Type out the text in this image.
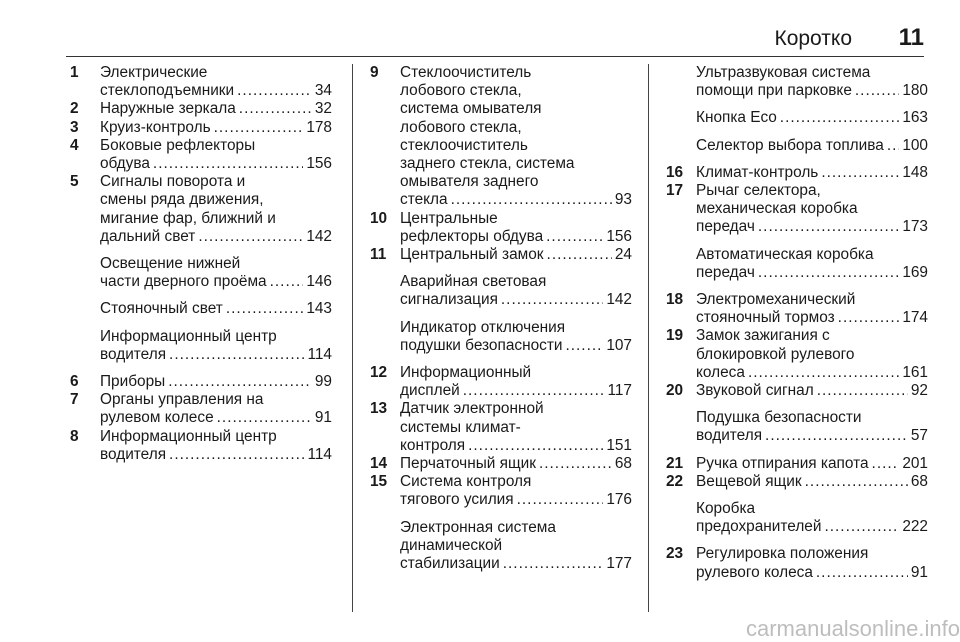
Коротко 11
1 Электрические
стеклоподъемники .....	34
2 Наружные зеркала .....	32
3 Круиз-контроль .....	178
4 Боковые рефлекторы
обдува .....	156
5 Сигналы поворота и
смены ряда движения,
мигание фар, ближний и
дальний свет .....	142
Освещение нижней
части дверного проёма .....	146
Стояночный свет .....	143
Информационный центр
водителя .....	114
6 Приборы .....	99
7 Органы управления на
рулевом колесе .....	91
8 Информационный центр
водителя .....	114
9 Стеклоочиститель
лобового стекла,
система омывателя
лобового стекла,
стеклоочиститель
заднего стекла, система
омывателя заднего
стекла .....	93
10 Центральные
рефлекторы обдува .....	156
11 Центральный замок .....	24
Аварийная световая
сигнализация .....	142
Индикатор отключения
подушки безопасности .....	107
12 Информационный
дисплей .....	117
13 Датчик электронной
системы климат-
контроля .....	151
14 Перчаточный ящик .....	68
15 Система контроля
тягового усилия .....	176
Электронная система
динамической
стабилизации .....	177
Ультразвуковая система
помощи при парковке .....	180
Кнопка Eco .....	163
Селектор выбора топлива ..... 100
16 Климат-контроль .....	148
17 Рычаг селектора,
механическая коробка
передач .....	173
Автоматическая коробка
передач .....	169
18 Электромеханический
стояночный тормоз .....	174
19 Замок зажигания с
блокировкой рулевого
колеса .....	161
20 Звуковой сигнал .....	92
Подушка безопасности
водителя .....	57
21 Ручка отпирания капота ..... 201
22 Вещевой ящик .....	68
Коробка
предохранителей .....	222
23 Регулировка положения
рулевого колеса .....	91
carmanualsonline.info
